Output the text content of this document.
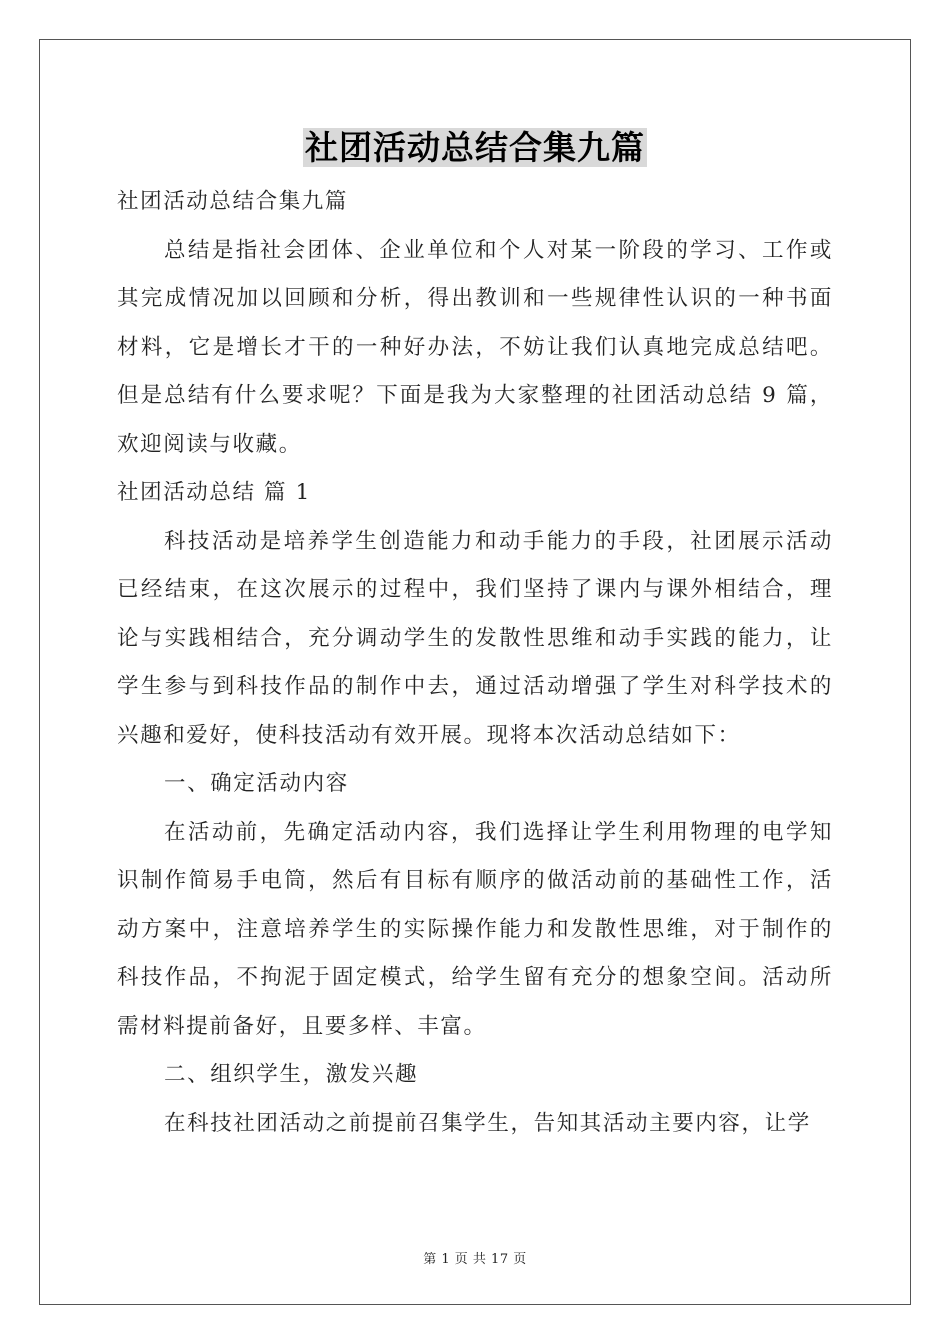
社团活动总结合集九篇

社团活动总结合集九篇

总结是指社会团体、企业单位和个人对某一阶段的学习、工作或其完成情况加以回顾和分析，得出教训和一些规律性认识的一种书面材料，它是增长才干的一种好办法，不妨让我们认真地完成总结吧。但是总结有什么要求呢？下面是我为大家整理的社团活动总结 9 篇，欢迎阅读与收藏。

社团活动总结 篇 1

科技活动是培养学生创造能力和动手能力的手段，社团展示活动已经结束，在这次展示的过程中，我们坚持了课内与课外相结合，理论与实践相结合，充分调动学生的发散性思维和动手实践的能力，让学生参与到科技作品的制作中去，通过活动增强了学生对科学技术的兴趣和爱好，使科技活动有效开展。现将本次活动总结如下：

一、确定活动内容

在活动前，先确定活动内容，我们选择让学生利用物理的电学知识制作简易手电筒，然后有目标有顺序的做活动前的基础性工作，活动方案中，注意培养学生的实际操作能力和发散性思维，对于制作的科技作品，不拘泥于固定模式，给学生留有充分的想象空间。活动所需材料提前备好，且要多样、丰富。

二、组织学生，激发兴趣

在科技社团活动之前提前召集学生，告知其活动主要内容，让学

第 1 页 共 17 页
